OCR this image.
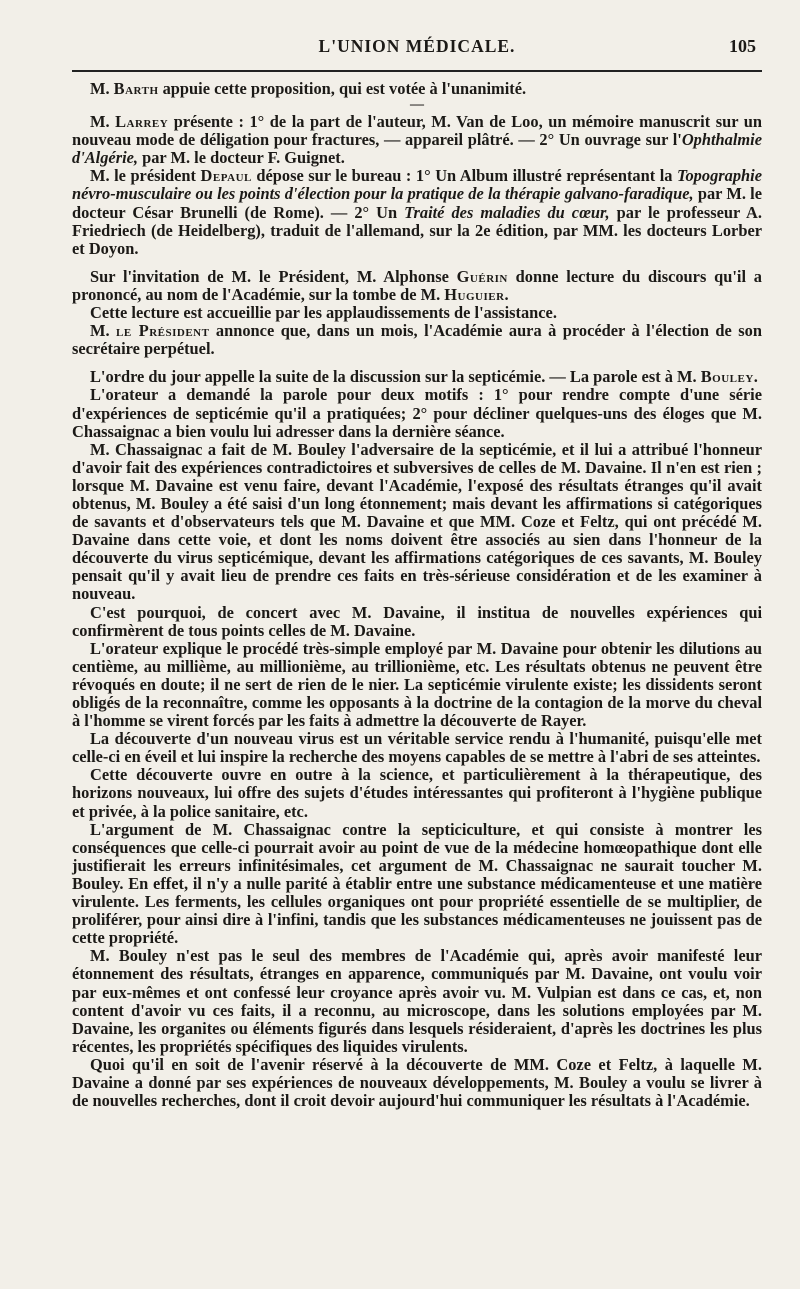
L'UNION MÉDICALE.	105

M. Barth appuie cette proposition, qui est votée à l'unanimité.

—

M. Larrey présente : 1° de la part de l'auteur, M. Van de Loo, un mémoire manuscrit sur un nouveau mode de déligation pour fractures, — appareil plâtré. — 2° Un ouvrage sur l'Ophthalmie d'Algérie, par M. le docteur F. Guignet.

M. le président Depaul dépose sur le bureau : 1° Un Album illustré représentant la Topographie névro-musculaire ou les points d'élection pour la pratique de la thérapie galvano-faradique, par M. le docteur César Brunelli (de Rome). — 2° Un Traité des maladies du cœur, par le professeur A. Friedriech (de Heidelberg), traduit de l'allemand, sur la 2e édition, par MM. les docteurs Lorber et Doyon.

Sur l'invitation de M. le Président, M. Alphonse Guérin donne lecture du discours qu'il a prononcé, au nom de l'Académie, sur la tombe de M. Huguier.

Cette lecture est accueillie par les applaudissements de l'assistance.

M. le Président annonce que, dans un mois, l'Académie aura à procéder à l'élection de son secrétaire perpétuel.

L'ordre du jour appelle la suite de la discussion sur la septicémie. — La parole est à M. Bouley.

L'orateur a demandé la parole pour deux motifs : 1° pour rendre compte d'une série d'expériences de septicémie qu'il a pratiquées; 2° pour décliner quelques-uns des éloges que M. Chassaignac a bien voulu lui adresser dans la dernière séance.

M. Chassaignac a fait de M. Bouley l'adversaire de la septicémie, et il lui a attribué l'honneur d'avoir fait des expériences contradictoires et subversives de celles de M. Davaine. Il n'en est rien ; lorsque M. Davaine est venu faire, devant l'Académie, l'exposé des résultats étranges qu'il avait obtenus, M. Bouley a été saisi d'un long étonnement; mais devant les affirmations si catégoriques de savants et d'observateurs tels que M. Davaine et que MM. Coze et Feltz, qui ont précédé M. Davaine dans cette voie, et dont les noms doivent être associés au sien dans l'honneur de la découverte du virus septicémique, devant les affirmations catégoriques de ces savants, M. Bouley pensait qu'il y avait lieu de prendre ces faits en très-sérieuse considération et de les examiner à nouveau.

C'est pourquoi, de concert avec M. Davaine, il institua de nouvelles expériences qui confirmèrent de tous points celles de M. Davaine.

L'orateur explique le procédé très-simple employé par M. Davaine pour obtenir les dilutions au centième, au millième, au millionième, au trillionième, etc. Les résultats obtenus ne peuvent être révoqués en doute; il ne sert de rien de le nier. La septicémie virulente existe; les dissidents seront obligés de la reconnaître, comme les opposants à la doctrine de la contagion de la morve du cheval à l'homme se virent forcés par les faits à admettre la découverte de Rayer.

La découverte d'un nouveau virus est un véritable service rendu à l'humanité, puisqu'elle met celle-ci en éveil et lui inspire la recherche des moyens capables de se mettre à l'abri de ses atteintes.

Cette découverte ouvre en outre à la science, et particulièrement à la thérapeutique, des horizons nouveaux, lui offre des sujets d'études intéressantes qui profiteront à l'hygiène publique et privée, à la police sanitaire, etc.

L'argument de M. Chassaignac contre la septiciculture, et qui consiste à montrer les conséquences que celle-ci pourrait avoir au point de vue de la médecine homœopathique dont elle justifierait les erreurs infinitésimales, cet argument de M. Chassaignac ne saurait toucher M. Bouley. En effet, il n'y a nulle parité à établir entre une substance médicamenteuse et une matière virulente. Les ferments, les cellules organiques ont pour propriété essentielle de se multiplier, de proliférer, pour ainsi dire à l'infini, tandis que les substances médicamenteuses ne jouissent pas de cette propriété.

M. Bouley n'est pas le seul des membres de l'Académie qui, après avoir manifesté leur étonnement des résultats, étranges en apparence, communiqués par M. Davaine, ont voulu voir par eux-mêmes et ont confessé leur croyance après avoir vu. M. Vulpian est dans ce cas, et, non content d'avoir vu ces faits, il a reconnu, au microscope, dans les solutions employées par M. Davaine, les organites ou éléments figurés dans lesquels résideraient, d'après les doctrines les plus récentes, les propriétés spécifiques des liquides virulents.

Quoi qu'il en soit de l'avenir réservé à la découverte de MM. Coze et Feltz, à laquelle M. Davaine a donné par ses expériences de nouveaux développements, M. Bouley a voulu se livrer à de nouvelles recherches, dont il croit devoir aujourd'hui communiquer les résultats à l'Académie.
